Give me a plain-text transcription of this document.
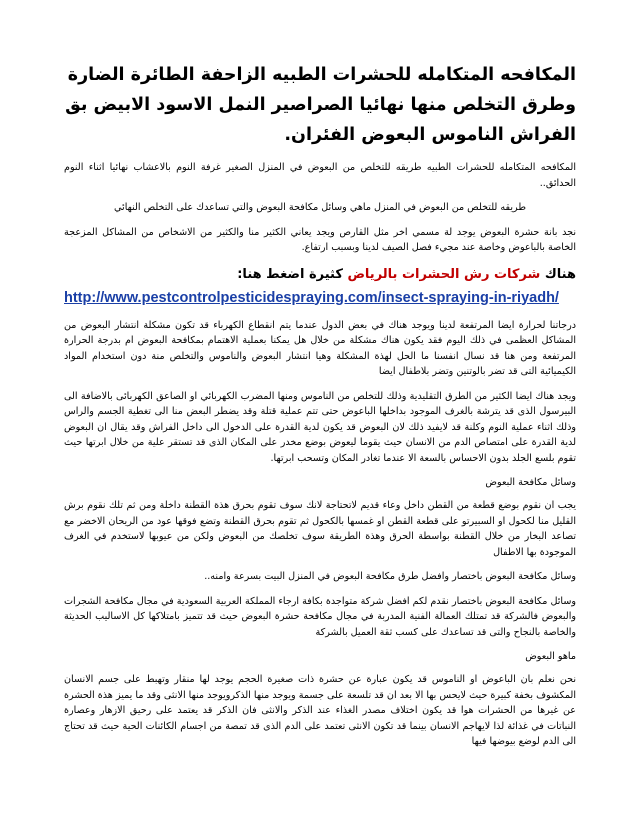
المكافحه المتكامله للحشرات الطبيه الزاحفة الطائرة الضارة وطرق التخلص منها نهائيا الصراصير النمل الاسود الابيض بق الفراش الناموس البعوض الفئران.

المكافحه المتكامله للحشرات الطبيه طريقه للتخلص من البعوض في المنزل الصغير غرفة النوم بالاعشاب نهائيا اثناء النوم الحدائق..

طريقه للتخلص من البعوض في المنزل ماهي وسائل مكافحة البعوض والتي تساعدك على التخلص النهائي

نجد بانة حشرة البعوض يوجد لة مسمي اخر مثل القارص ويجد يعاني الكثير منا والكثير من الاشخاص من المشاكل المزعجة الخاصة بالباعوض وخاصة عند مجيء فصل الصيف لدينا وبسبب ارتفاع.

هناك شركات رش الحشرات بالرياض كثيرة اضغط هنا:
http://www.pestcontrolpesticidespraying.com/insect-spraying-in-riyadh/

درجاتنا لحرارة ايضا المرتفعة لدينا ويوجد هناك في بعض الدول عندما يتم انقطاع الكهرباء قد تكون مشكلة انتشار البعوض من المشاكل العظمى في ذلك اليوم فقد يكون هناك مشكلة من خلال هل يمكنا بعملية الاهتمام بمكافحة البعوض ام بدرجة الحرارة المرتفعة ومن هنا قد نسال انفسنا ما الحل لهذة المشكلة وهيا انتشار البعوض والناموس والتخلص منة دون استخدام المواد الكيميائية التى قد تضر بالوتنين وتضر بلاطفال ايضا

ويجد هناك ايضا الكثير من الطرق التقليدية وذلك للتخلص من الناموس ومنها المضرب الكهربائي او الصاعق الكهربائى بالاضافة الى البيرسول الذى قد يترشة بالغرف الموجود بداخلها الباعوض حتى تتم عملية قتلة وقد يضطر البعض منا الى تغطية الجسم والراس وذلك اثناء عملية النوم وكلنة قد لايفيد ذلك لان البعوض قد يكون لدية القدرة على الدخول الى داخل الفراش وقد يقال ان البعوض لدية القدرة على امتصاص الدم من الانسان حيث يقوما ليعوض بوضع مخدر على المكان الذى قد تستقر علية من خلال ابرتها حيث تقوم بلسع الجلد بدون الاحساس بالسعة الا عندما تغادر المكان وتسحب ابرتها.

وسائل مكافحة البعوض

يجب ان نقوم بوضع قطعة من القطن داخل وعاء قديم لاتحتاجة لانك سوف تقوم بحرق هذة القطنة داخلة ومن ثم تلك نقوم برش القليل منا لكحول او السبيرتو على قطعة القطن او غمسها بالكحول ثم تقوم بحرق القطنة وتضع فوقها عود من الريحان الاخضر مع تصاعد البخار من خلال القطنة بواسطة الحرق وهذة الطريقة سوف تخلصك من البعوض ولكن من عيوبها لاستخدم في الغرف الموجودة بها الاطفال

وسائل مكافحة البعوض باختصار وافضل طرق مكافحة البعوض في المنزل البيت بسرعة وامنه..

وسائل مكافحة البعوض باختصار نقدم لكم افضل شركة متواجدة بكافة ارجاء المملكة العربية السعودية في مجال مكافحة الشجرات والبعوض فالشركة قد تمتلك العمالة الفنية المدربة في مجال مكافحة حشرة البعوض حيث قد تتميز بامتلاكها كل الاساليب الحديثة والخاصة بالنجاح والتى قد تساعدك على كسب ثقة العميل بالشركة

ماهو البعوض

نحن نعلم بان الباعوض او الناموس قد يكون عبارة عن حشرة ذات صغيرة الحجم يوجد لها منقار وتهبط على جسم الانسان المكشوف بخفة كبيرة حيث لايحس بها الا بعد ان قد تلسعة على جسمة ويوجد منها الذكرويوجد منها الانثى وقد ما يميز هذة الحشرة عن غيرها من الحشرات هوا قد يكون اختلاف مصدر الغذاء عند الذكر والانثى فان الذكر قد يعتمد على رحيق الازهار وعصارة النباتات في غذائة لذا لايهاجم الانسان بينما قد تكون الانثى تعتمد على الدم الذى قد تمصة من اجسام الكائنات الحية حيث قد تحتاج الى الدم لوضع بيوضها فيها
